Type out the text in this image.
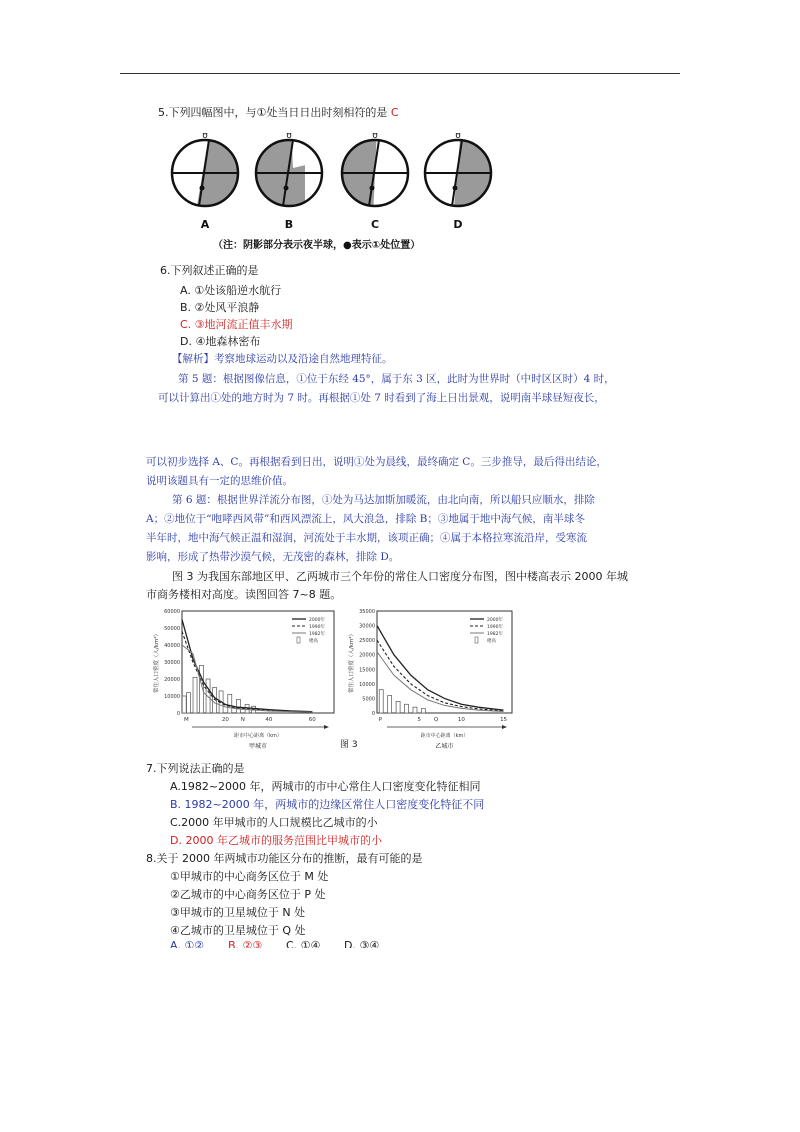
5.下列四幅图中，与①处当日日出时刻相符的是 C
ʊ	ʊ	ʊ	ʊ
A	B	C	D
（注：阴影部分表示夜半球，●表示①处位置）
6.下列叙述正确的是
A. ①处该船逆水航行
B. ②处风平浪静
C. ③地河流正值丰水期
D. ④地森林密布
【解析】考察地球运动以及沿途自然地理特征。
第 5 题：根据图像信息，①位于东经 45°，属于东 3 区，此时为世界时（中时区区时）4 时，
可以计算出①处的地方时为 7 时。再根据①处 7 时看到了海上日出景观，说明南半球昼短夜长，
可以初步选择 A、C。再根据看到日出，说明①处为晨线，最终确定 C。三步推导，最后得出结论，
说明该题具有一定的思维价值。
第 6 题：根据世界洋流分布图，①处为马达加斯加暖流，由北向南，所以船只应顺水，排除
A；②地位于“咆哮西风带”和西风漂流上，风大浪急，排除 B；③地属于地中海气候，南半球冬
半年时，地中海气候正温和湿润，河流处于丰水期，该项正确；④属于本格拉寒流沿岸，受寒流
影响，形成了热带沙漠气候，无茂密的森林，排除 D。
图 3 为我国东部地区甲、乙两城市三个年份的常住人口密度分布图，图中楼高表示 2000 年城
市商务楼相对高度。读图回答 7~8 题。
60000
50000
40000
30000
20000
10000
0
常住人口密度（人/km²）
2000年
1990年
1982年
楼高
M	20 N	40	60
距市中心距离（km）
甲城市	图 3
35000
30000
25000
20000
15000
10000
5000
0
常住人口密度（人/km²）
2000年
1990年
1982年
楼高
P	5 Q	10	15
距市中心距离（km）
乙城市
7.下列说法正确的是
A.1982~2000 年，两城市的市中心常住人口密度变化特征相同
B. 1982~2000 年，两城市的边缘区常住人口密度变化特征不同
C.2000 年甲城市的人口规模比乙城市的小
D. 2000 年乙城市的服务范围比甲城市的小
8.关于 2000 年两城市功能区分布的推断，最有可能的是
①甲城市的中心商务区位于 M 处
②乙城市的中心商务区位于 P 处
③甲城市的卫星城位于 N 处
④乙城市的卫星城位于 Q 处
A. ①② B. ②③ C. ①④ D. ③④
